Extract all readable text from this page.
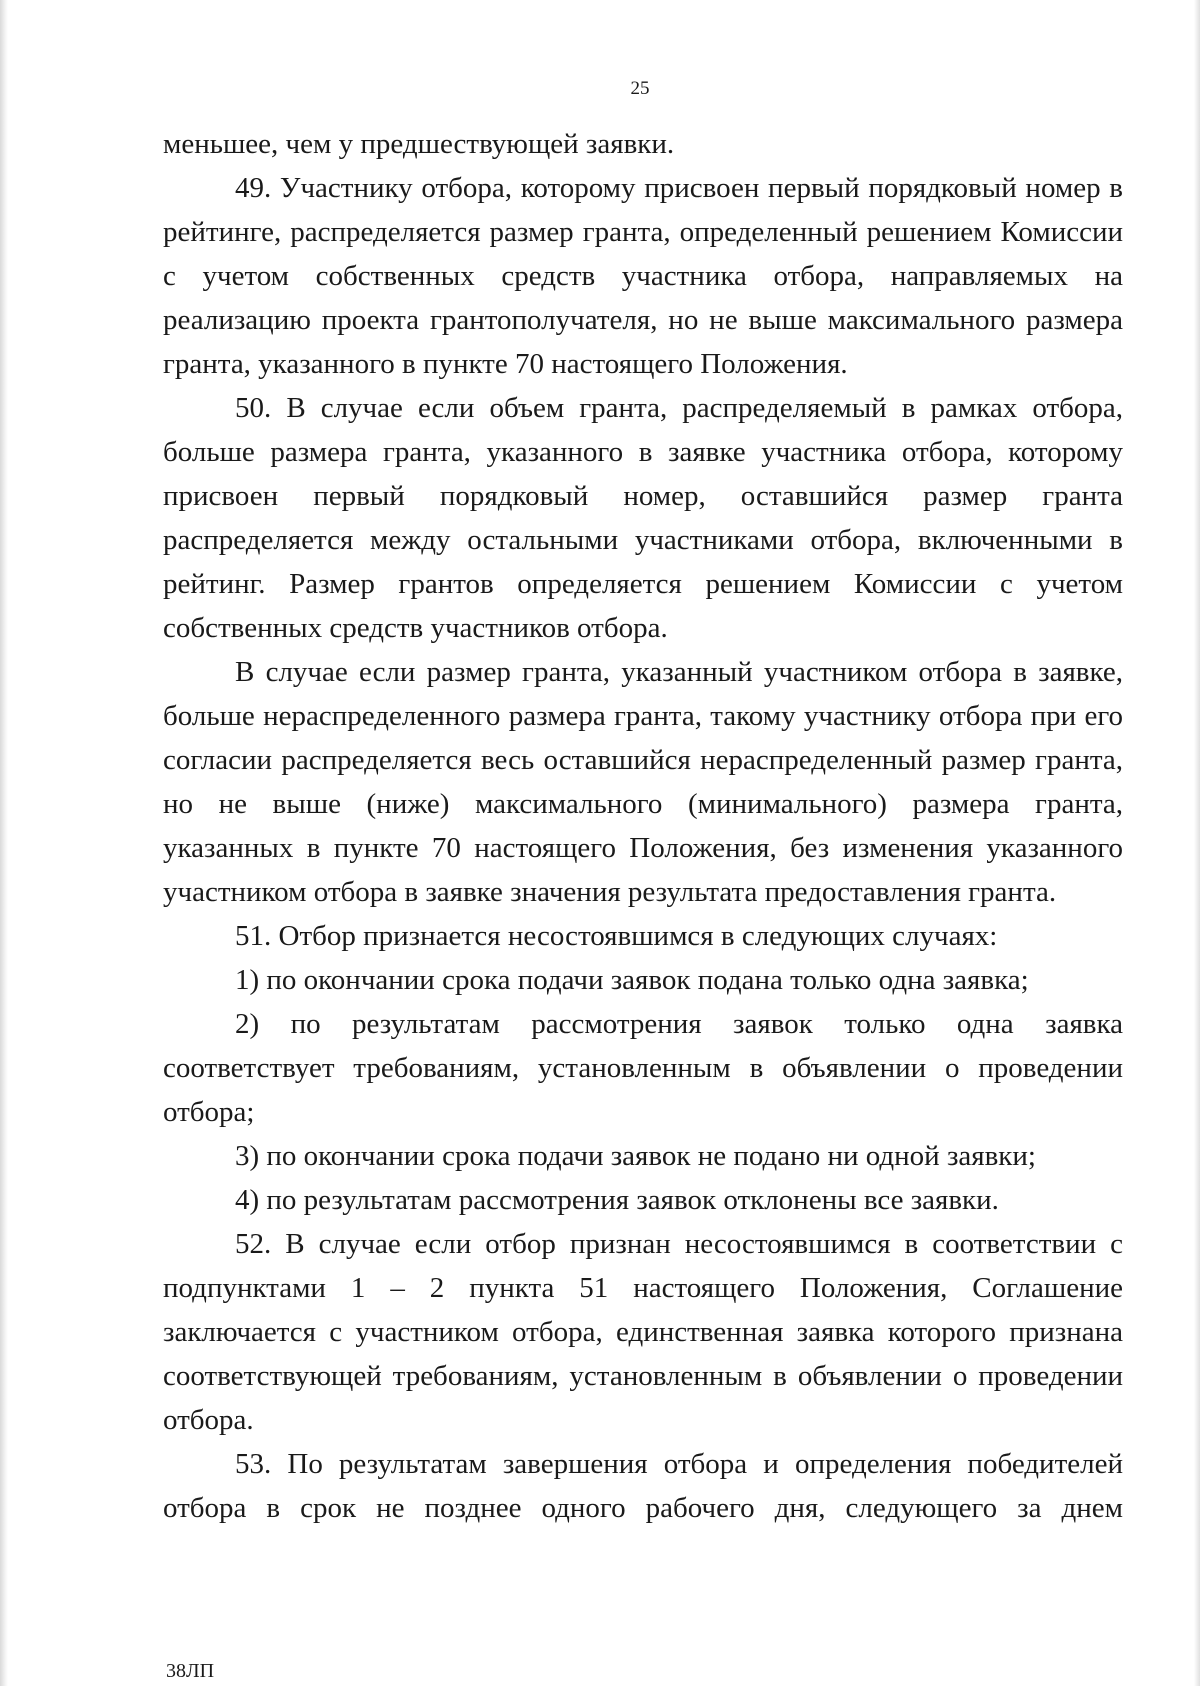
25

меньшее, чем у предшествующей заявки.

49. Участнику отбора, которому присвоен первый порядковый номер в рейтинге, распределяется размер гранта, определенный решением Комиссии с учетом собственных средств участника отбора, направляемых на реализацию проекта грантополучателя, но не выше максимального размера гранта, указанного в пункте 70 настоящего Положения.

50. В случае если объем гранта, распределяемый в рамках отбора, больше размера гранта, указанного в заявке участника отбора, которому присвоен первый порядковый номер, оставшийся размер гранта распределяется между остальными участниками отбора, включенными в рейтинг. Размер грантов определяется решением Комиссии с учетом собственных средств участников отбора.

В случае если размер гранта, указанный участником отбора в заявке, больше нераспределенного размера гранта, такому участнику отбора при его согласии распределяется весь оставшийся нераспределенный размер гранта, но не выше (ниже) максимального (минимального) размера гранта, указанных в пункте 70 настоящего Положения, без изменения указанного участником отбора в заявке значения результата предоставления гранта.

51. Отбор признается несостоявшимся в следующих случаях:

1) по окончании срока подачи заявок подана только одна заявка;

2) по результатам рассмотрения заявок только одна заявка соответствует требованиям, установленным в объявлении о проведении отбора;

3) по окончании срока подачи заявок не подано ни одной заявки;

4) по результатам рассмотрения заявок отклонены все заявки.

52. В случае если отбор признан несостоявшимся в соответствии с подпунктами 1 – 2 пункта 51 настоящего Положения, Соглашение заключается с участником отбора, единственная заявка которого признана соответствующей требованиям, установленным в объявлении о проведении отбора.

53. По результатам завершения отбора и определения победителей отбора в срок не позднее одного рабочего дня, следующего за днем

38ЛП
